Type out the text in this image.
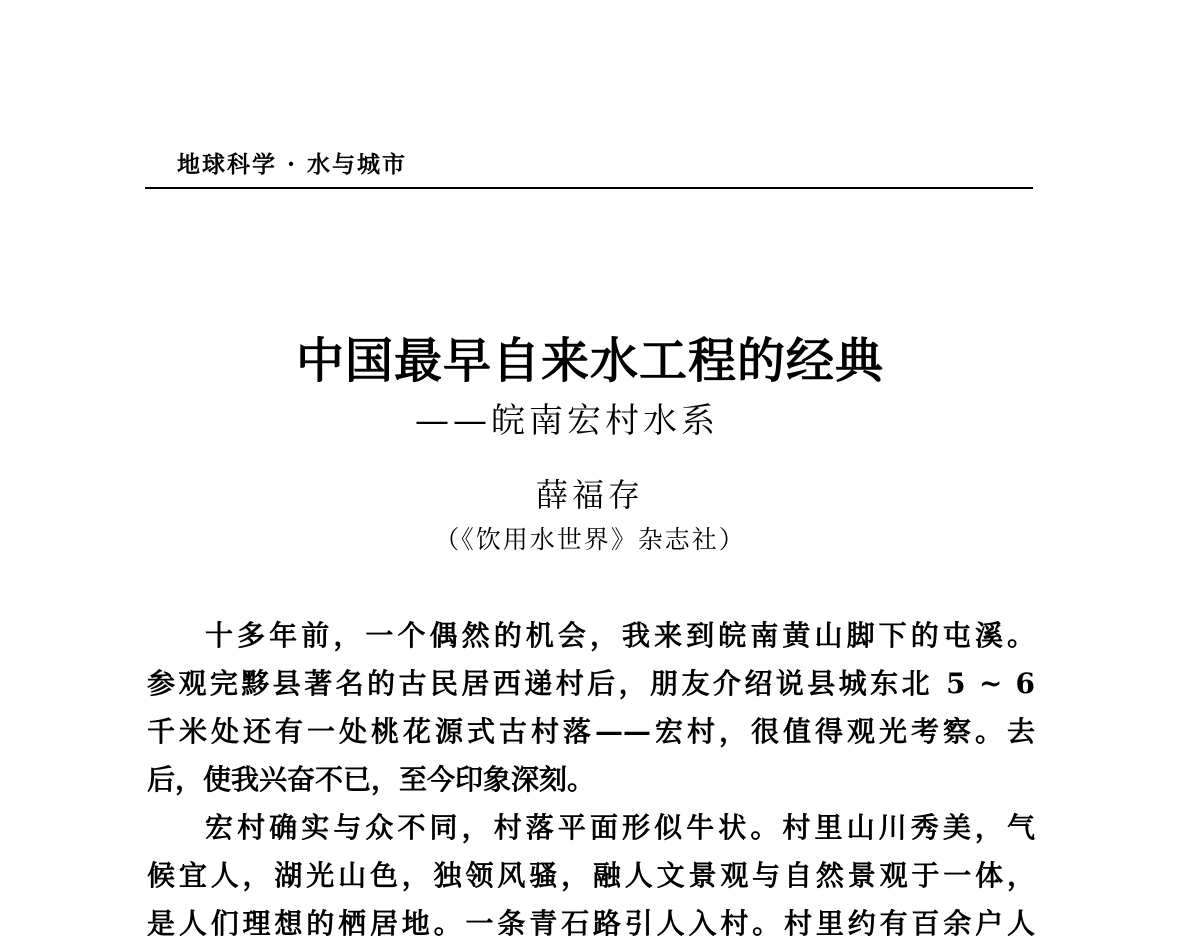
地球科学 · 水与城市
中国最早自来水工程的经典
——皖南宏村水系
薛福存
（《饮用水世界》杂志社）
十多年前，一个偶然的机会，我来到皖南黄山脚下的屯溪。
参观完黟县著名的古民居西递村后，朋友介绍说县城东北 5 ~ 6
千米处还有一处桃花源式古村落——宏村，很值得观光考察。去
后，使我兴奋不已，至今印象深刻。
宏村确实与众不同，村落平面形似牛状。村里山川秀美，气
候宜人，湖光山色，独领风骚，融人文景观与自然景观于一体，
是人们理想的栖居地。一条青石路引人入村。村里约有百余户人
